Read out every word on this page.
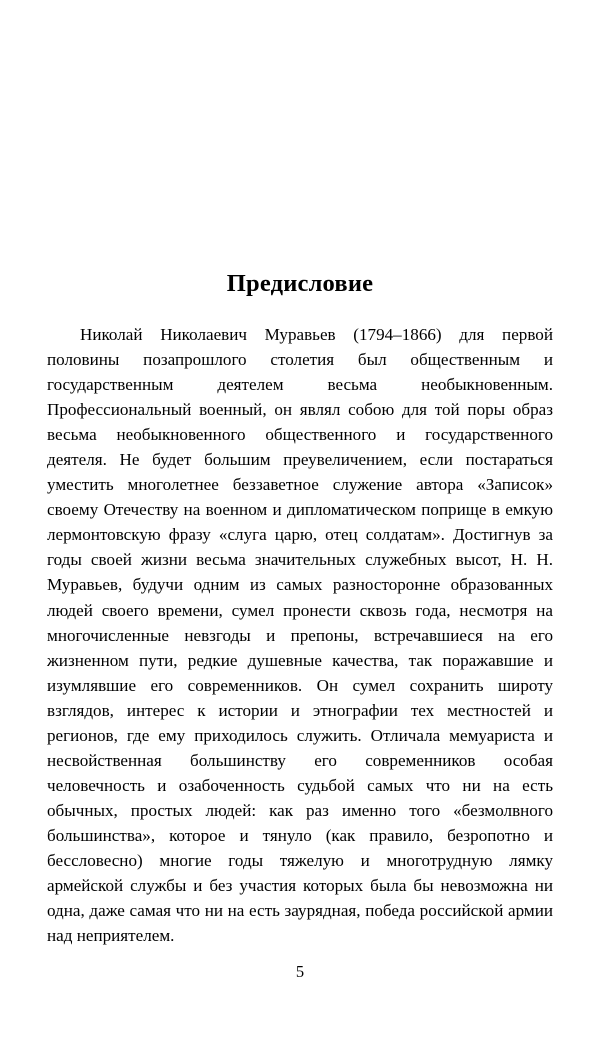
Предисловие

Николай Николаевич Муравьев (1794–1866) для первой половины позапрошлого столетия был общественным и государственным деятелем весьма необыкновенным. Профессиональный военный, он являл собою для той поры образ весьма необыкновенного общественного и государственного деятеля. Не будет большим преувеличением, если постараться уместить многолетнее беззаветное служение автора «Записок» своему Отечеству на военном и дипломатическом поприще в емкую лермонтовскую фразу «слуга царю, отец солдатам». Достигнув за годы своей жизни весьма значительных служебных высот, Н. Н. Муравьев, будучи одним из самых разносторонне образованных людей своего времени, сумел пронести сквозь года, несмотря на многочисленные невзгоды и препоны, встречавшиеся на его жизненном пути, редкие душевные качества, так поражавшие и изумлявшие его современников. Он сумел сохранить широту взглядов, интерес к истории и этнографии тех местностей и регионов, где ему приходилось служить. Отличала мемуариста и несвойственная большинству его современников особая человечность и озабоченность судьбой самых что ни на есть обычных, простых людей: как раз именно того «безмолвного большинства», которое и тянуло (как правило, безропотно и бессловесно) многие годы тяжелую и многотрудную лямку армейской службы и без участия которых была бы невозможна ни одна, даже самая что ни на есть заурядная, победа российской армии над неприятелем.

5
